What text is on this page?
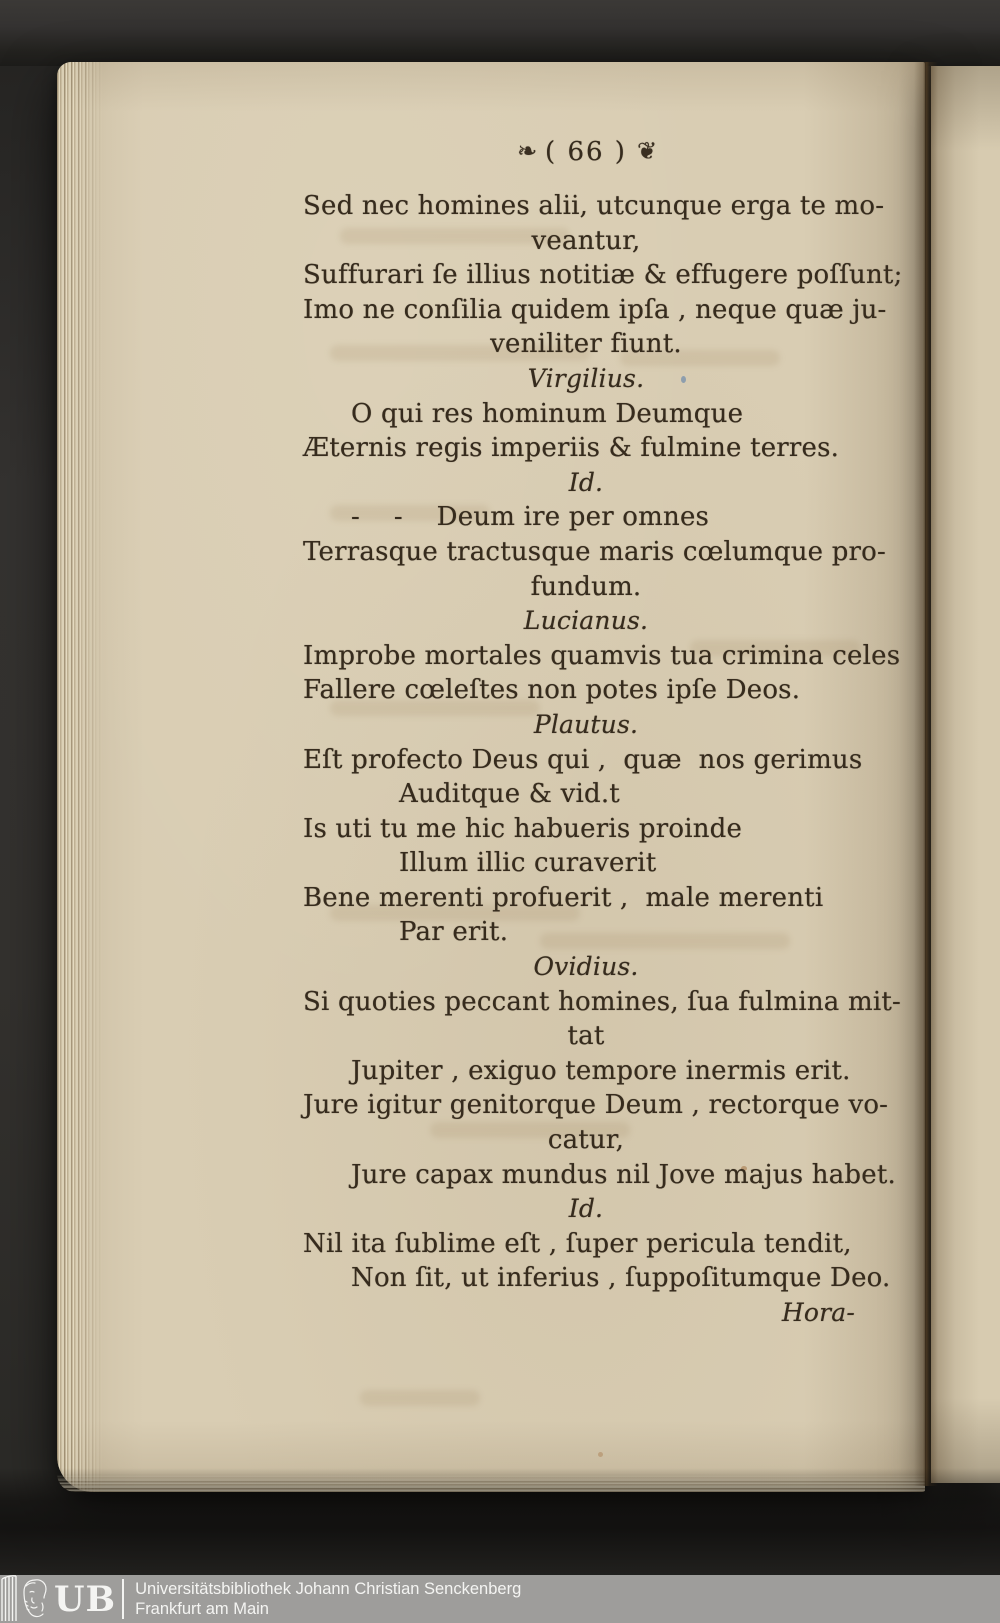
❧ ( 66 ) ❦
Sed nec homines alii, utcunque erga te mo-
veantur,
Suffurari ſe illius notitiæ & effugere poſſunt;
Imo ne conſilia quidem ipſa , neque quæ ju-
veniliter fiunt.
Virgilius.
O qui res hominum Deumque
Æternis regis imperiis & fulmine terres.
Id.
-    -    Deum ire per omnes
Terrasque tractusque maris cœlumque pro-
fundum.
Lucianus.
Improbe mortales quamvis tua crimina celes
Fallere cœleſtes non potes ipſe Deos.
Plautus.
Eſt profecto Deus qui ,  quæ  nos gerimus
Auditque & vid.t
Is uti tu me hic habueris proinde
Illum illic curaverit
Bene merenti profuerit ,  male merenti
Par erit.
Ovidius.
Si quoties peccant homines, ſua fulmina mit-
tat
Jupiter , exiguo tempore inermis erit.
Jure igitur genitorque Deum , rectorque vo-
catur,
Jure capax mundus nil Jove majus habet.
Id.
Nil ita ſublime eſt , ſuper pericula tendit,
Non ſit, ut inferius , ſuppoſitumque Deo.
Hora-
UB Universitätsbibliothek Johann Christian Senckenberg
Frankfurt am Main
